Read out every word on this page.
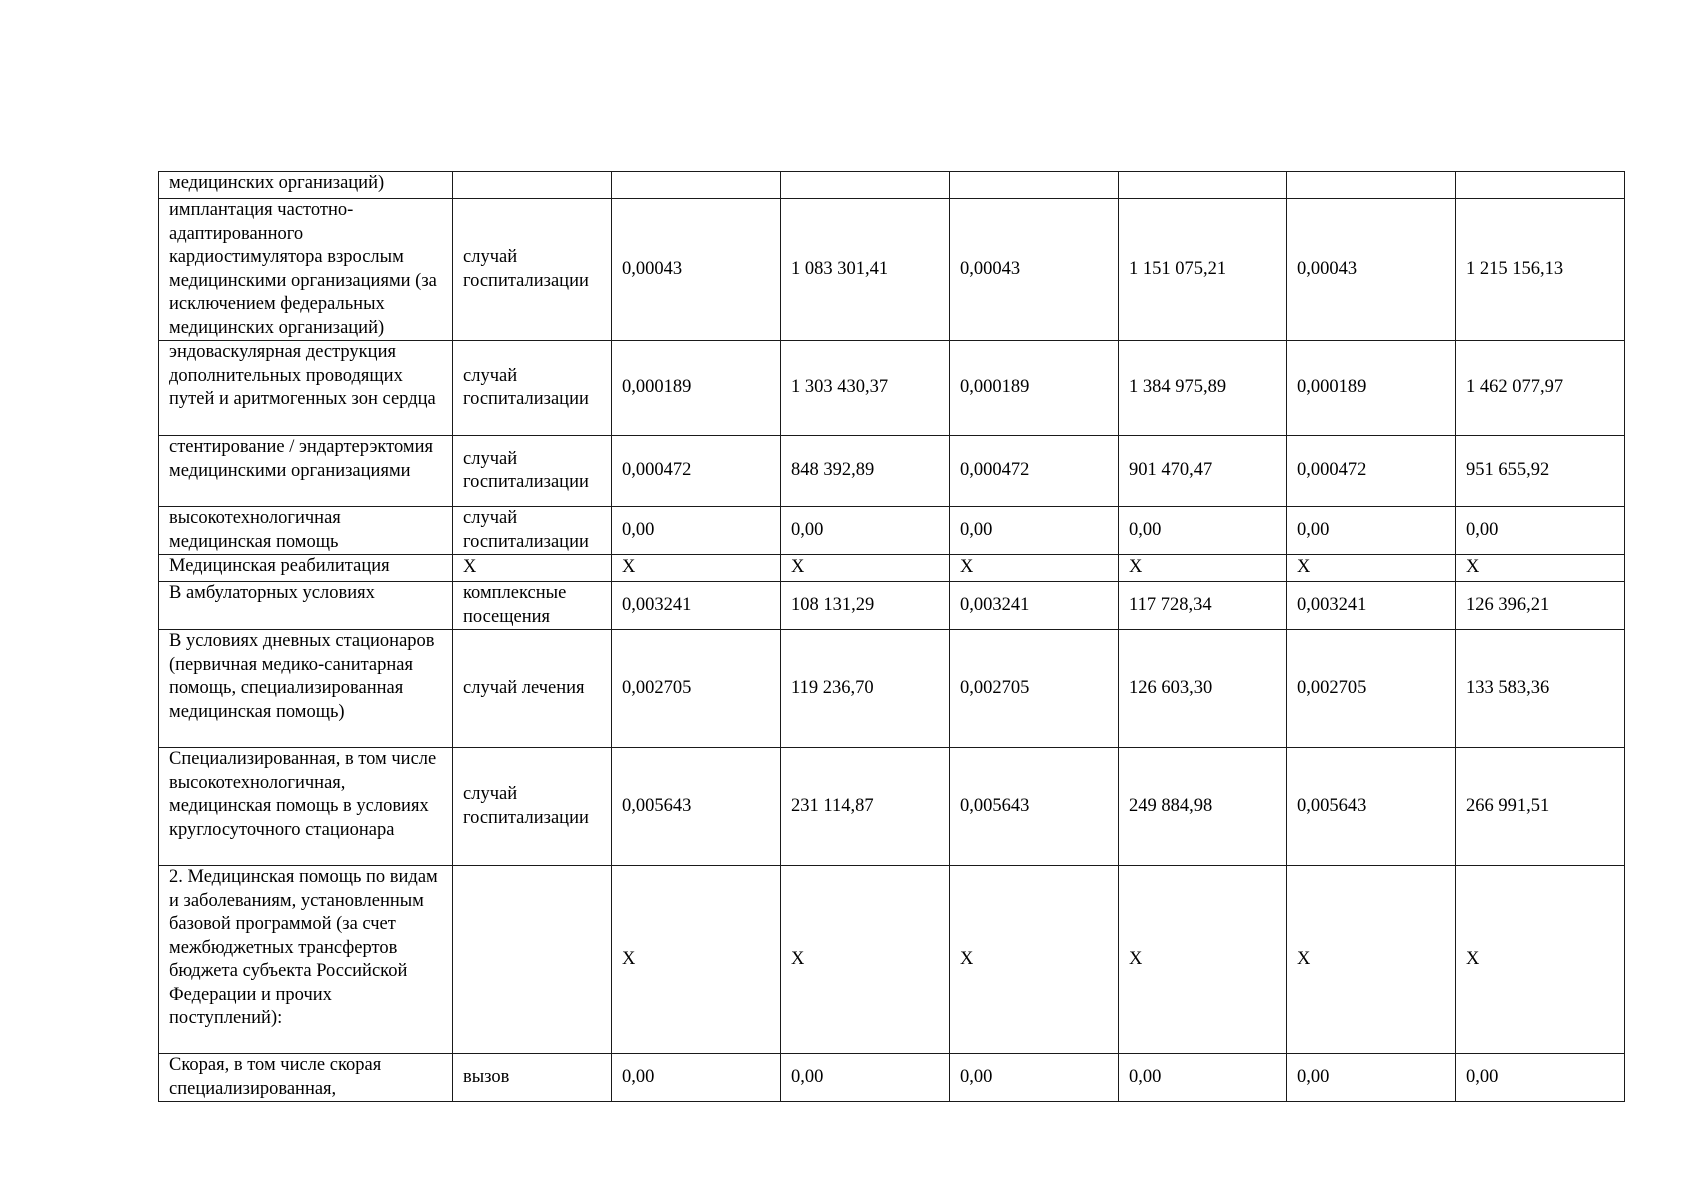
медицинских организаций)							
имплантация частотно-адаптированного кардиостимулятора взрослым медицинскими организациями (за исключением федеральных медицинских организаций)	случай госпитализации	0,00043	1 083 301,41	0,00043	1 151 075,21	0,00043	1 215 156,13
эндоваскулярная деструкция дополнительных проводящих путей и аритмогенных зон сердца	случай госпитализации	0,000189	1 303 430,37	0,000189	1 384 975,89	0,000189	1 462 077,97
стентирование / эндартерэктомия медицинскими организациями	случай госпитализации	0,000472	848 392,89	0,000472	901 470,47	0,000472	951 655,92
высокотехнологичная медицинская помощь	случай госпитализации	0,00	0,00	0,00	0,00	0,00	0,00
Медицинская реабилитация	Х	Х	Х	Х	Х	Х	Х
В амбулаторных условиях	комплексные посещения	0,003241	108 131,29	0,003241	117 728,34	0,003241	126 396,21
В условиях дневных стационаров (первичная медико-санитарная помощь, специализированная медицинская помощь)	случай лечения	0,002705	119 236,70	0,002705	126 603,30	0,002705	133 583,36
Специализированная, в том числе высокотехнологичная, медицинская помощь в условиях круглосуточного стационара	случай госпитализации	0,005643	231 114,87	0,005643	249 884,98	0,005643	266 991,51
2. Медицинская помощь по видам и заболеваниям, установленным базовой программой (за счет межбюджетных трансфертов бюджета субъекта Российской Федерации и прочих поступлений):		Х	Х	Х	Х	Х	Х
Скорая, в том числе скорая специализированная,	вызов	0,00	0,00	0,00	0,00	0,00	0,00
